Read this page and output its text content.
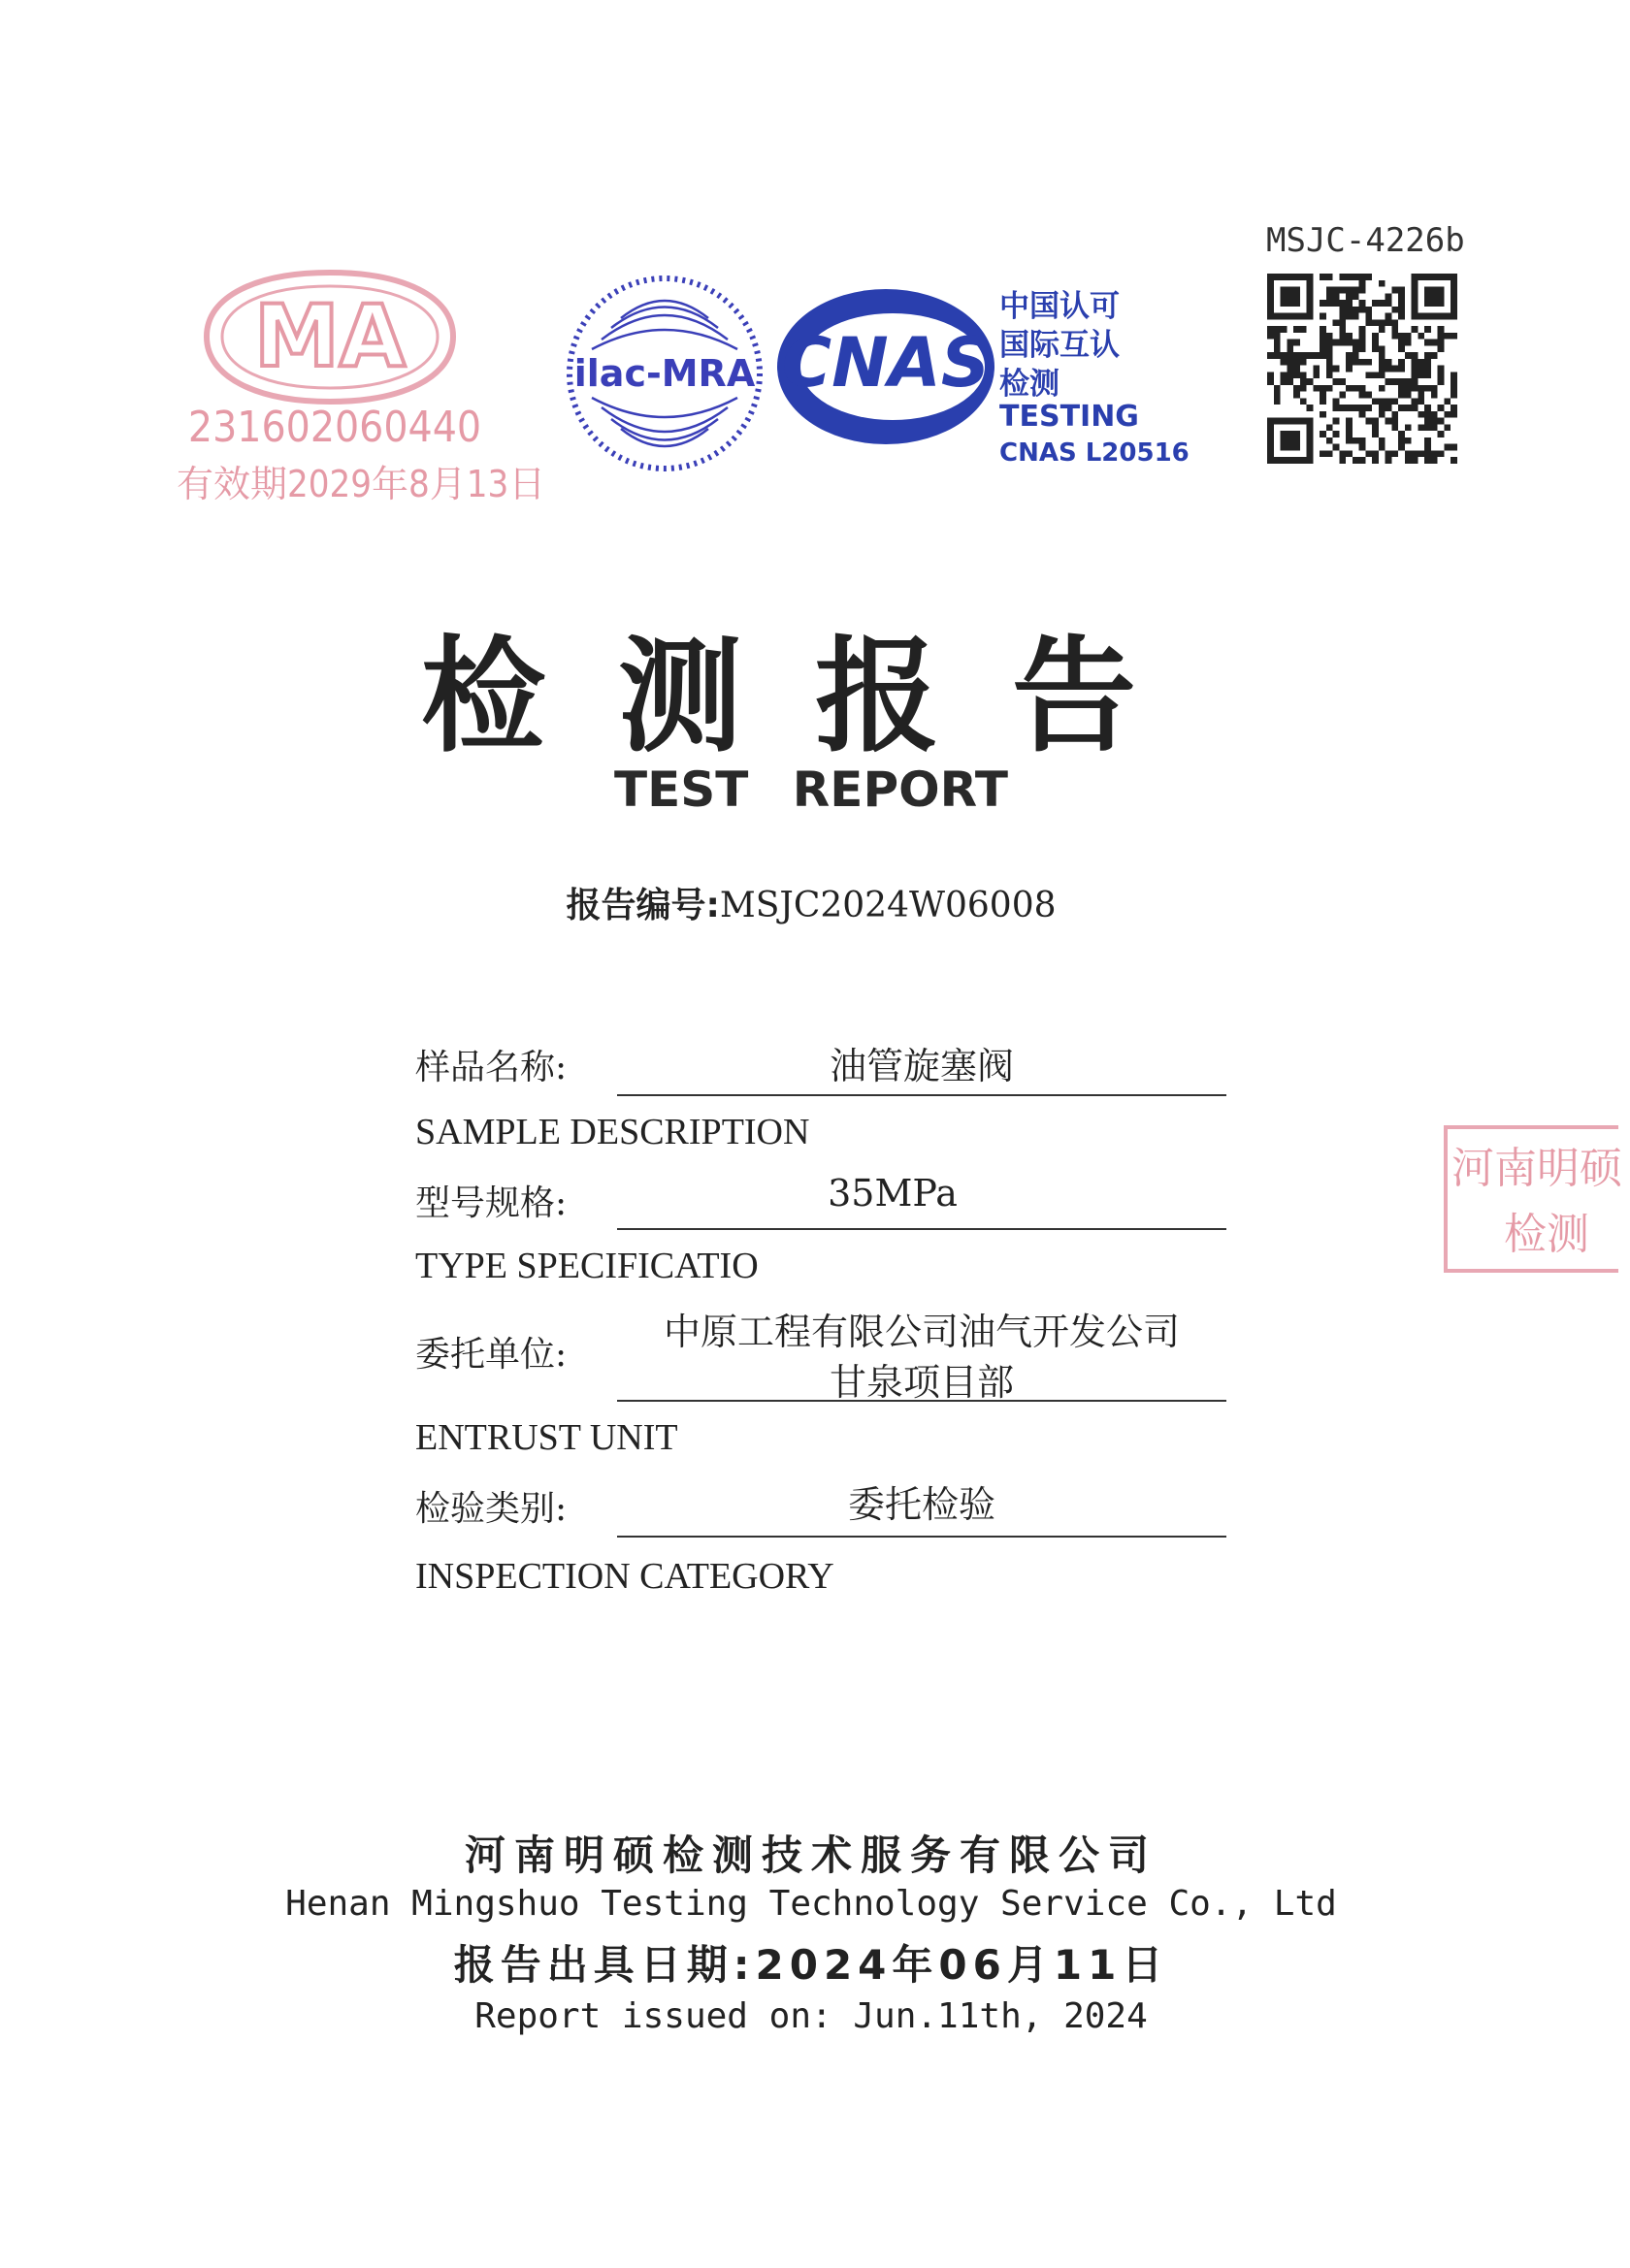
MA
231602060440
有效期2029年8月13日
ilac-MRA CNAS
中国认可
国际互认
检测
TESTING
CNAS L20516
MSJC-4226b
检测报告
TEST REPORT
报告编号:MSJC2024W06008
样品名称:	油管旋塞阀
SAMPLE DESCRIPTION
型号规格:	35MPa
TYPE SPECIFICATIO
委托单位:
中原工程有限公司油气开发公司
甘泉项目部
ENTRUST UNIT
检验类别:	委托检验
INSPECTION CATEGORY
河南明硕
检测
河南明硕检测技术服务有限公司
Henan Mingshuo Testing Technology Service Co., Ltd
报告出具日期:2024年06月11日
Report issued on: Jun.11th, 2024
